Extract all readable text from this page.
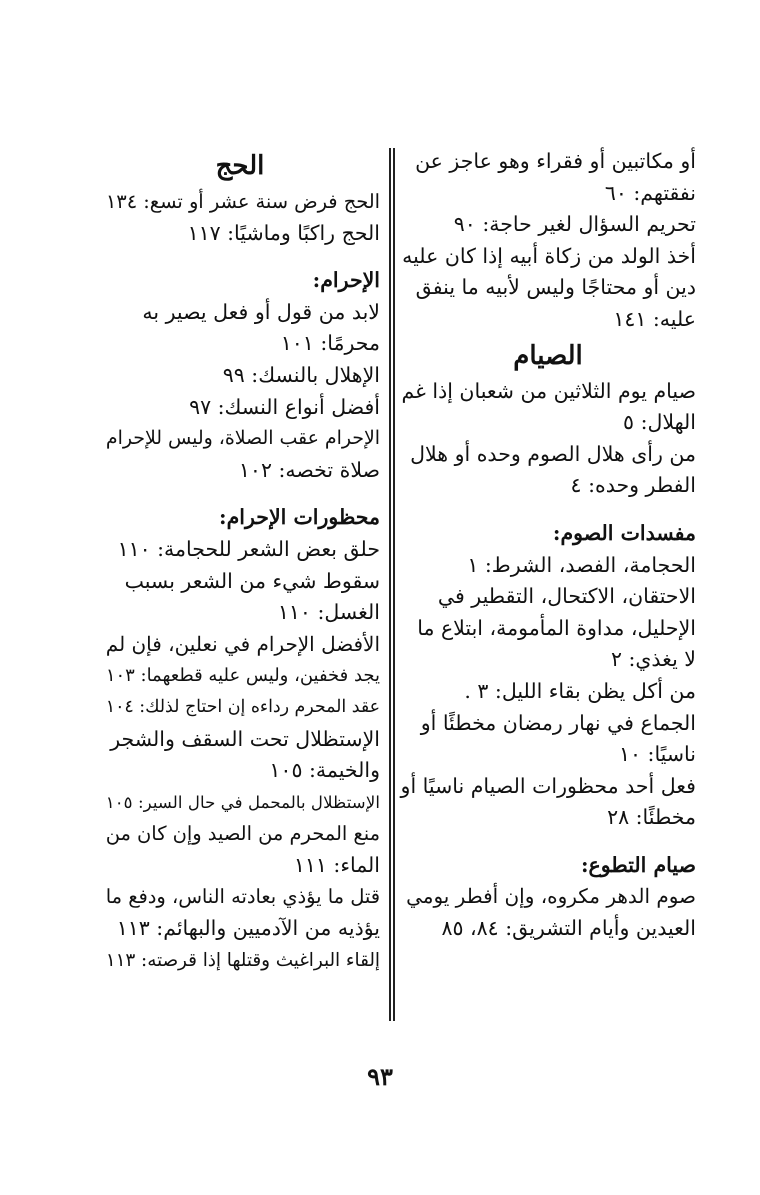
أو مكاتبين أو فقراء وهو عاجز عن
نفقتهم: ٦٠
تحريم السؤال لغير حاجة: ٩٠
أخذ الولد من زكاة أبيه إذا كان عليه
دين أو محتاجًا وليس لأبيه ما ينفق
عليه: ١٤١
الصيام
صيام يوم الثلاثين من شعبان إذا غم
الهلال: ٥
من رأى هلال الصوم وحده أو هلال
الفطر وحده: ٤
مفسدات الصوم:
الحجامة، الفصد، الشرط: ١
الاحتقان، الاكتحال، التقطير في
الإحليل، مداوة المأمومة، ابتلاع ما
لا يغذي: ٢
من أكل يظن بقاء الليل: ٣ .
الجماع في نهار رمضان مخطئًا أو
ناسيًا: ١٠
فعل أحد محظورات الصيام ناسيًا أو
مخطئًا: ٢٨
صيام التطوع:
صوم الدهر مكروه، وإن أفطر يومي
العيدين وأيام التشريق: ٨٤، ٨٥
الحج
الحج فرض سنة عشر أو تسع: ١٣٤
الحج راكبًا وماشيًا: ١١٧
الإحرام:
لابد من قول أو فعل يصير به
محرمًا: ١٠١
الإهلال بالنسك: ٩٩
أفضل أنواع النسك: ٩٧
الإحرام عقب الصلاة، وليس للإحرام
صلاة تخصه: ١٠٢
محظورات الإحرام:
حلق بعض الشعر للحجامة: ١١٠
سقوط شيء من الشعر بسبب
الغسل: ١١٠
الأفضل الإحرام في نعلين، فإن لم
يجد فخفين، وليس عليه قطعهما: ١٠٣
عقد المحرم رداءه إن احتاج لذلك: ١٠٤
الإستظلال تحت السقف والشجر
والخيمة: ١٠٥
الإستظلال بالمحمل في حال السير: ١٠٥
منع المحرم من الصيد وإن كان من
الماء: ١١١
قتل ما يؤذي بعادته الناس، ودفع ما
يؤذيه من الآدميين والبهائم: ١١٣
إلقاء البراغيث وقتلها إذا قرصته: ١١٣
٩٣
